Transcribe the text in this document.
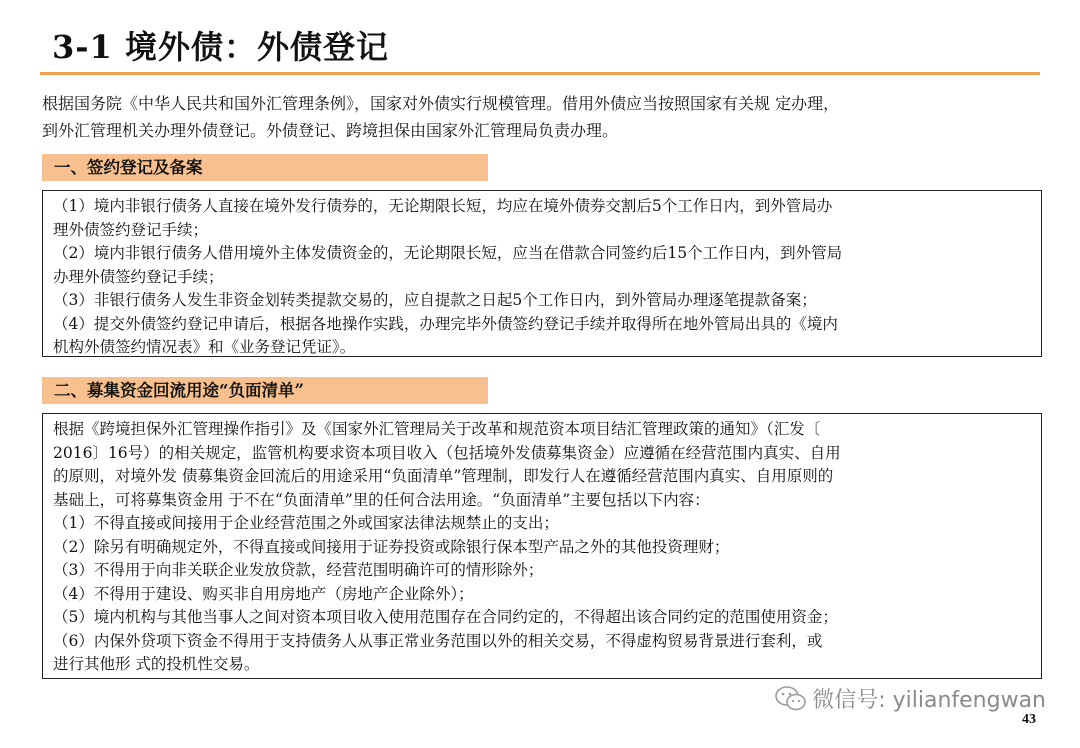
3-1 境外债：外债登记
根据国务院《中华人民共和国外汇管理条例》，国家对外债实行规模管理。借用外债应当按照国家有关规 定办理，
到外汇管理机关办理外债登记。外债登记、跨境担保由国家外汇管理局负责办理。
一、签约登记及备案
（1）境内非银行债务人直接在境外发行债券的，无论期限长短，均应在境外债券交割后5个工作日内，到外管局办
理外债签约登记手续；
（2）境内非银行债务人借用境外主体发债资金的，无论期限长短，应当在借款合同签约后15个工作日内，到外管局
办理外债签约登记手续；
（3）非银行债务人发生非资金划转类提款交易的，应自提款之日起5个工作日内，到外管局办理逐笔提款备案；
（4）提交外债签约登记申请后，根据各地操作实践，办理完毕外债签约登记手续并取得所在地外管局出具的《境内
机构外债签约情况表》和《业务登记凭证》。
二、募集资金回流用途“负面清单”
根据《跨境担保外汇管理操作指引》及《国家外汇管理局关于改革和规范资本项目结汇管理政策的通知》（汇发〔
2016〕16号）的相关规定，监管机构要求资本项目收入（包括境外发债募集资金）应遵循在经营范围内真实、自用
的原则，对境外发 债募集资金回流后的用途采用“负面清单”管理制，即发行人在遵循经营范围内真实、自用原则的
基础上，可将募集资金用 于不在“负面清单”里的任何合法用途。“负面清单”主要包括以下内容：
（1）不得直接或间接用于企业经营范围之外或国家法律法规禁止的支出；
（2）除另有明确规定外，不得直接或间接用于证券投资或除银行保本型产品之外的其他投资理财；
（3）不得用于向非关联企业发放贷款，经营范围明确许可的情形除外；
（4）不得用于建设、购买非自用房地产（房地产企业除外）；
（5）境内机构与其他当事人之间对资本项目收入使用范围存在合同约定的，不得超出该合同约定的范围使用资金；
（6）内保外贷项下资金不得用于支持债务人从事正常业务范围以外的相关交易，不得虚构贸易背景进行套利，或
进行其他形 式的投机性交易。
微信号: yilianfengwan
43
